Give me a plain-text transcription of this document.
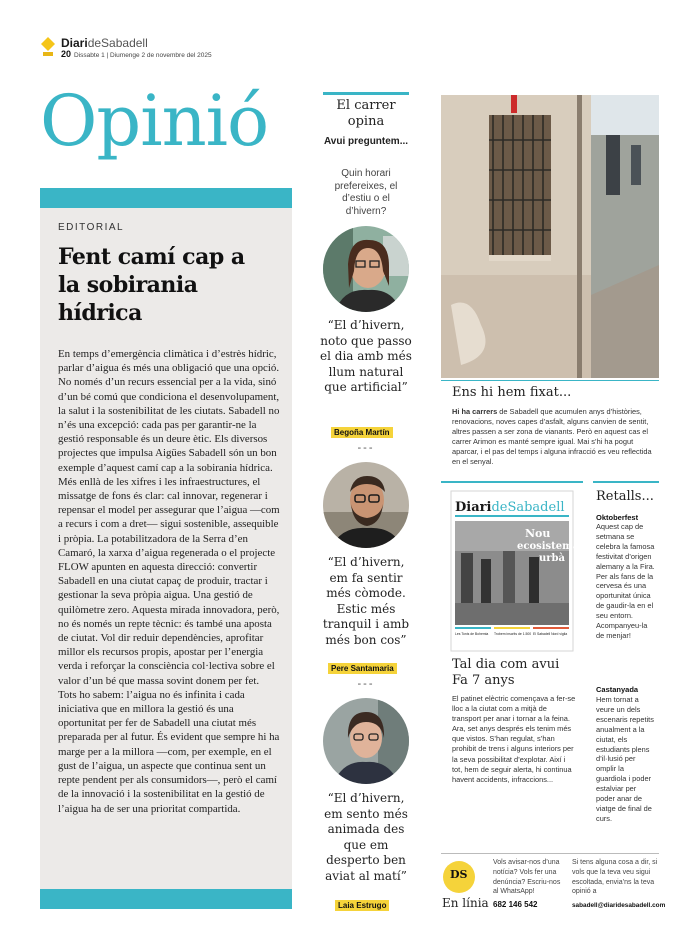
DiarideSabadell
20 Dissabte 1 | Diumenge 2 de novembre del 2025
Opinió
EDITORIAL
Fent camí cap a la sobirania hídrica
En temps d’emergència climàtica i d’estrès hídric, parlar d’aigua és més una obligació que una opció. No només d’un recurs essencial per a la vida, sinó d’un bé comú que condiciona el desenvolupament, la salut i la sostenibilitat de les ciutats. Sabadell no n’és una excepció: cada pas per garantir-ne la gestió responsable és un deure ètic. Els diversos projectes que impulsa Aigües Sabadell són un bon exemple d’aquest camí cap a la sobirania hídrica. Més enllà de les xifres i les infraestructures, el missatge de fons és clar: cal innovar, regenerar i repensar el model per assegurar que l’aigua —com a recurs i com a dret— sigui sostenible, assequible i pròpia. La potabilitzadora de la Serra d’en Camaró, la xarxa d’aigua regenerada o el projecte FLOW apunten en aquesta direcció: convertir Sabadell en una ciutat capaç de produir, tractar i gestionar la seva pròpia aigua. Una gestió de quilòmetre zero. Aquesta mirada innovadora, però, no és només un repte tècnic: és també una aposta de ciutat. Vol dir reduir dependències, aprofitar millor els recursos propis, apostar per l’energia verda i reforçar la consciència col·lectiva sobre el valor d’un bé que massa sovint donem per fet. Tots ho sabem: l’aigua no és infinita i cada iniciativa que en millora la gestió és una oportunitat per fer de Sabadell una ciutat més preparada per al futur. És evident que sempre hi ha marge per a la millora —com, per exemple, en el gust de l’aigua, un aspecte que continua sent un repte pendent per als consumidors—, però el camí de la innovació i la sostenibilitat en la gestió de l’aigua ha de ser una prioritat compartida.
El carrer opina
Avui preguntem...
Quin horari prefereixes, el d’estiu o el d’hivern?
“El d’hivern, noto que passo el dia amb més llum natural que artificial”
Begoña Martín
---
“El d’hivern, em fa sentir més còmode. Estic més tranquil i amb més bon cos”
Pere Santamaria
---
“El d’hivern, em sento més animada des que em desperto ben aviat al matí”
Laia Estrugo
Ens hi hem fixat...
Hi ha carrers de Sabadell que acumulen anys d’històries, renovacions, noves capes d’asfalt, alguns canvien de sentit, altres passen a ser zona de vianants. Però en aquest cas el carrer Arimon es manté sempre igual. Mai s’hi ha pogut aparcar, i el pas del temps i alguna infracció es veu reflectida en el senyal.
DiarideSabadell
Nou
ecosistema
urbà
Les Tonis de Bohemia Trobem inscrits de 1.500 El Sabadell Nord vigila
Tal dia com avui
Fa 7 anys
El patinet elèctric començava a fer-se lloc a la ciutat com a mitjà de transport per anar i tornar a la feina. Ara, set anys després els tenim més que vistos. S’han regulat, s’han prohibit de trens i alguns interiors per la seva possibilitat d’explotar. Així i tot, hem de seguir alerta, hi continua havent accidents, infraccions...
Retalls...
Oktoberfest
Aquest cap de setmana se celebra la famosa festivitat d’origen alemany a la Fira. Per als fans de la cervesa és una oportunitat única de gaudir-la en el seu entorn. Acompanyeu-la de menjar!
Castanyada
Hem tornat a veure un dels escenaris repetits anualment a la ciutat, els estudiants plens d’il·lusió per omplir la guardiola i poder estalviar per poder anar de viatge de final de curs.
DS
En línia
Vols avisar-nos d’una notícia? Vols fer una denúncia? Escriu-nos al WhatsApp!
682 146 542
Si tens alguna cosa a dir, si vols que la teva veu sigui escoltada, envia’ns la teva opinió a
sabadell@diaridesabadell.com
